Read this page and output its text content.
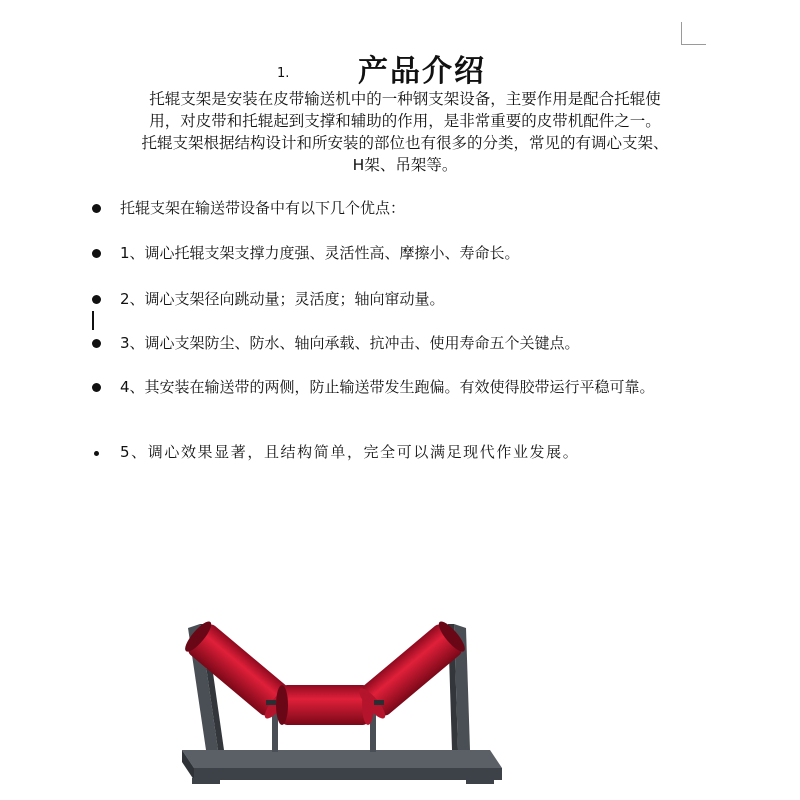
1. 产品介绍
托辊支架是安装在皮带输送机中的一种钢支架设备，主要作用是配合托辊使
用，对皮带和托辊起到支撑和辅助的作用，是非常重要的皮带机配件之一。
托辊支架根据结构设计和所安装的部位也有很多的分类，常见的有调心支架、
H架、吊架等。
托辊支架在输送带设备中有以下几个优点：
1、调心托辊支架支撑力度强、灵活性高、摩擦小、寿命长。
2、调心支架径向跳动量；灵活度；轴向窜动量。
3、调心支架防尘、防水、轴向承载、抗冲击、使用寿命五个关键点。
4、其安装在输送带的两侧，防止输送带发生跑偏。有效使得胶带运行平稳可靠。
5、调心效果显著，且结构简单，完全可以满足现代作业发展。
